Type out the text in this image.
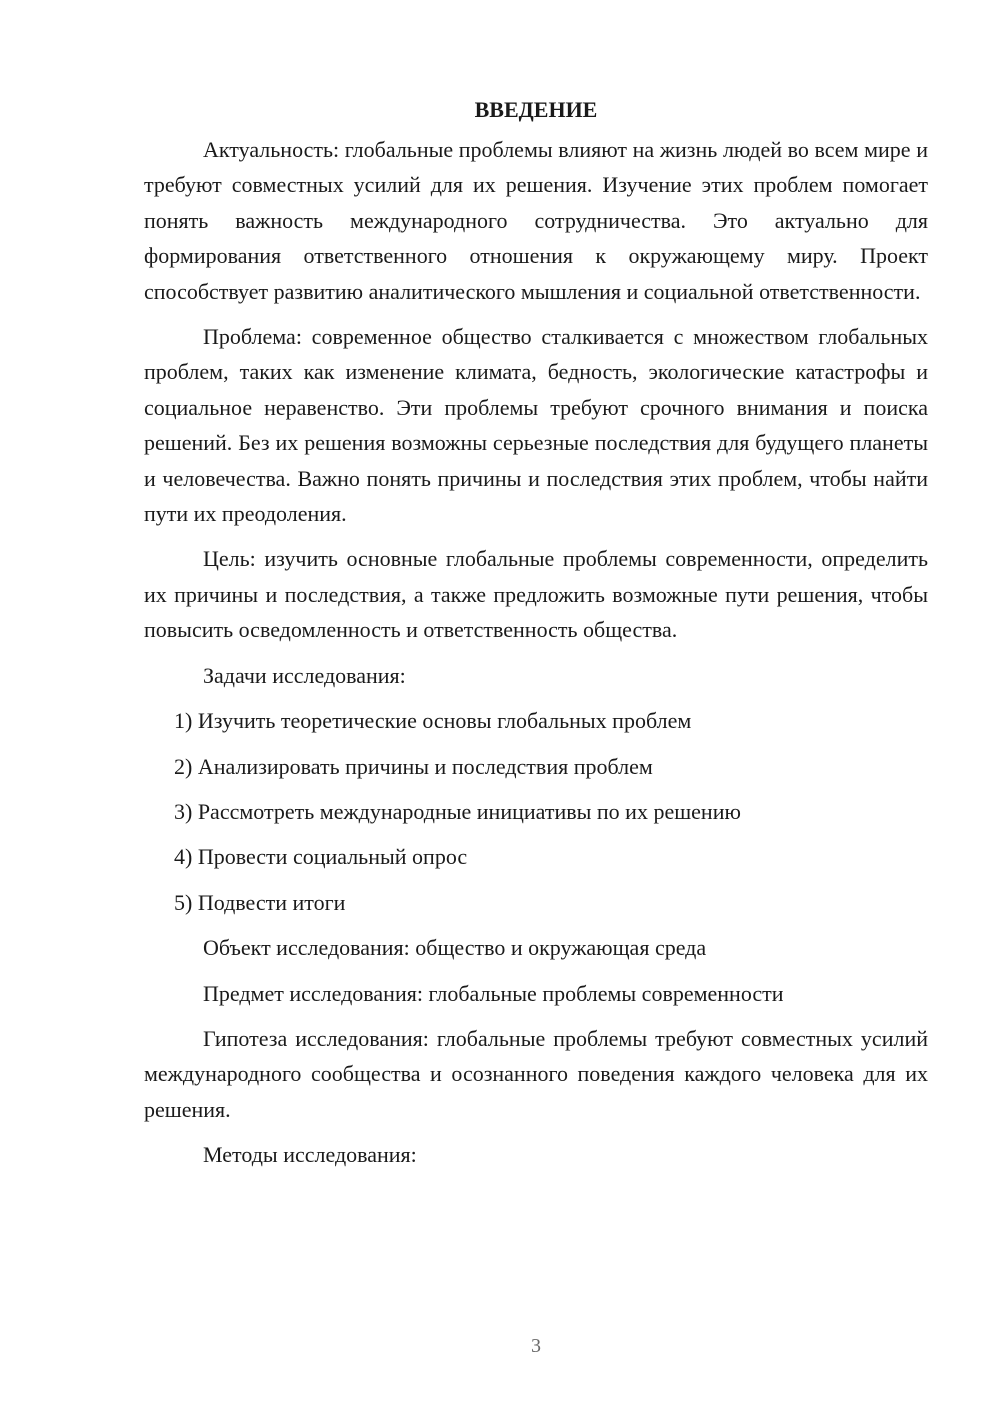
ВВЕДЕНИЕ

Актуальность: глобальные проблемы влияют на жизнь людей во всем мире и требуют совместных усилий для их решения. Изучение этих проблем помогает понять важность международного сотрудничества. Это актуально для формирования ответственного отношения к окружающему миру. Проект способствует развитию аналитического мышления и социальной ответственности.

Проблема: современное общество сталкивается с множеством глобальных проблем, таких как изменение климата, бедность, экологические катастрофы и социальное неравенство. Эти проблемы требуют срочного внимания и поиска решений. Без их решения возможны серьезные последствия для будущего планеты и человечества. Важно понять причины и последствия этих проблем, чтобы найти пути их преодоления.

Цель: изучить основные глобальные проблемы современности, определить их причины и последствия, а также предложить возможные пути решения, чтобы повысить осведомленность и ответственность общества.

Задачи исследования:

1) Изучить теоретические основы глобальных проблем
2) Анализировать причины и последствия проблем
3) Рассмотреть международные инициативы по их решению
4) Провести социальный опрос
5) Подвести итоги

Объект исследования: общество и окружающая среда

Предмет исследования: глобальные проблемы современности

Гипотеза исследования: глобальные проблемы требуют совместных усилий международного сообщества и осознанного поведения каждого человека для их решения.

Методы исследования:

3
